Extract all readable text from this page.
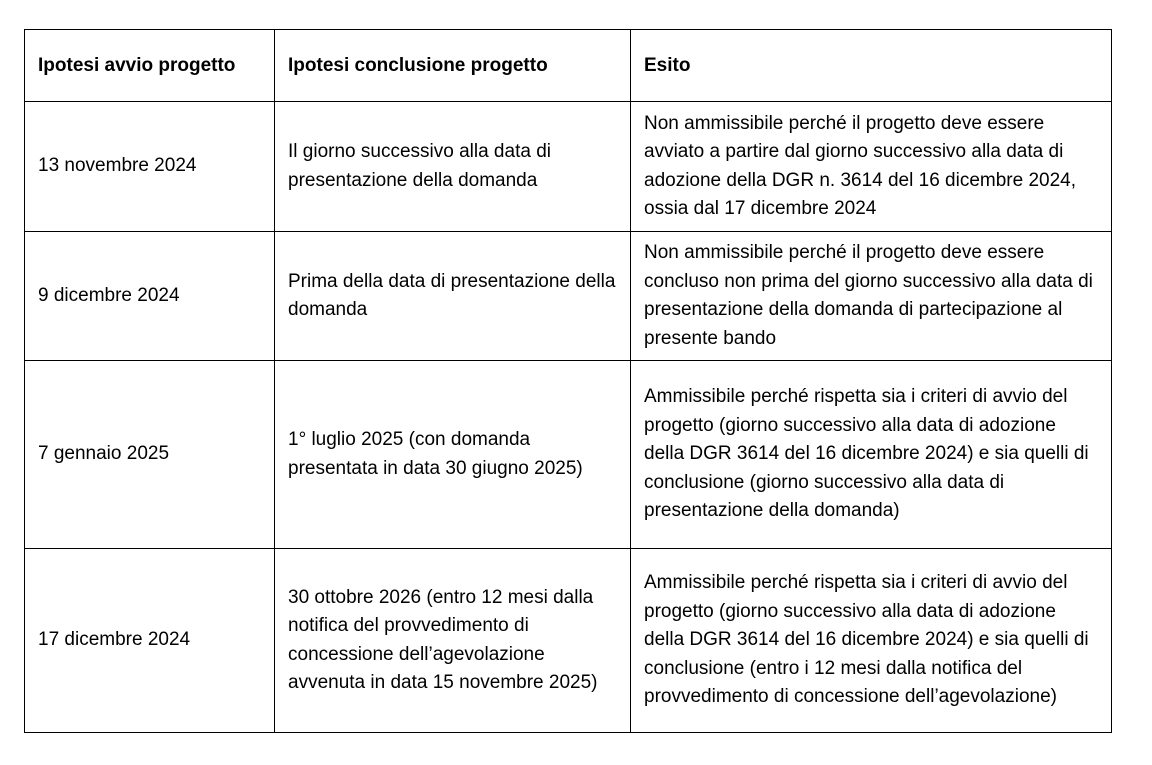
Ipotesi avvio progetto	Ipotesi conclusione progetto	Esito
13 novembre 2024	Il giorno successivo alla data di presentazione della domanda	Non ammissibile perché il progetto deve essere avviato a partire dal giorno successivo alla data di adozione della DGR n. 3614 del 16 dicembre 2024, ossia dal 17 dicembre 2024
9 dicembre 2024	Prima della data di presentazione della domanda	Non ammissibile perché il progetto deve essere concluso non prima del giorno successivo alla data di presentazione della domanda di partecipazione al presente bando
7 gennaio 2025	1° luglio 2025 (con domanda presentata in data 30 giugno 2025)	Ammissibile perché rispetta sia i criteri di avvio del progetto (giorno successivo alla data di adozione della DGR 3614 del 16 dicembre 2024) e sia quelli di conclusione (giorno successivo alla data di presentazione della domanda)
17 dicembre 2024	30 ottobre 2026 (entro 12 mesi dalla notifica del provvedimento di concessione dell’agevolazione avvenuta in data 15 novembre 2025)	Ammissibile perché rispetta sia i criteri di avvio del progetto (giorno successivo alla data di adozione della DGR 3614 del 16 dicembre 2024) e sia quelli di conclusione (entro i 12 mesi dalla notifica del provvedimento di concessione dell’agevolazione)
